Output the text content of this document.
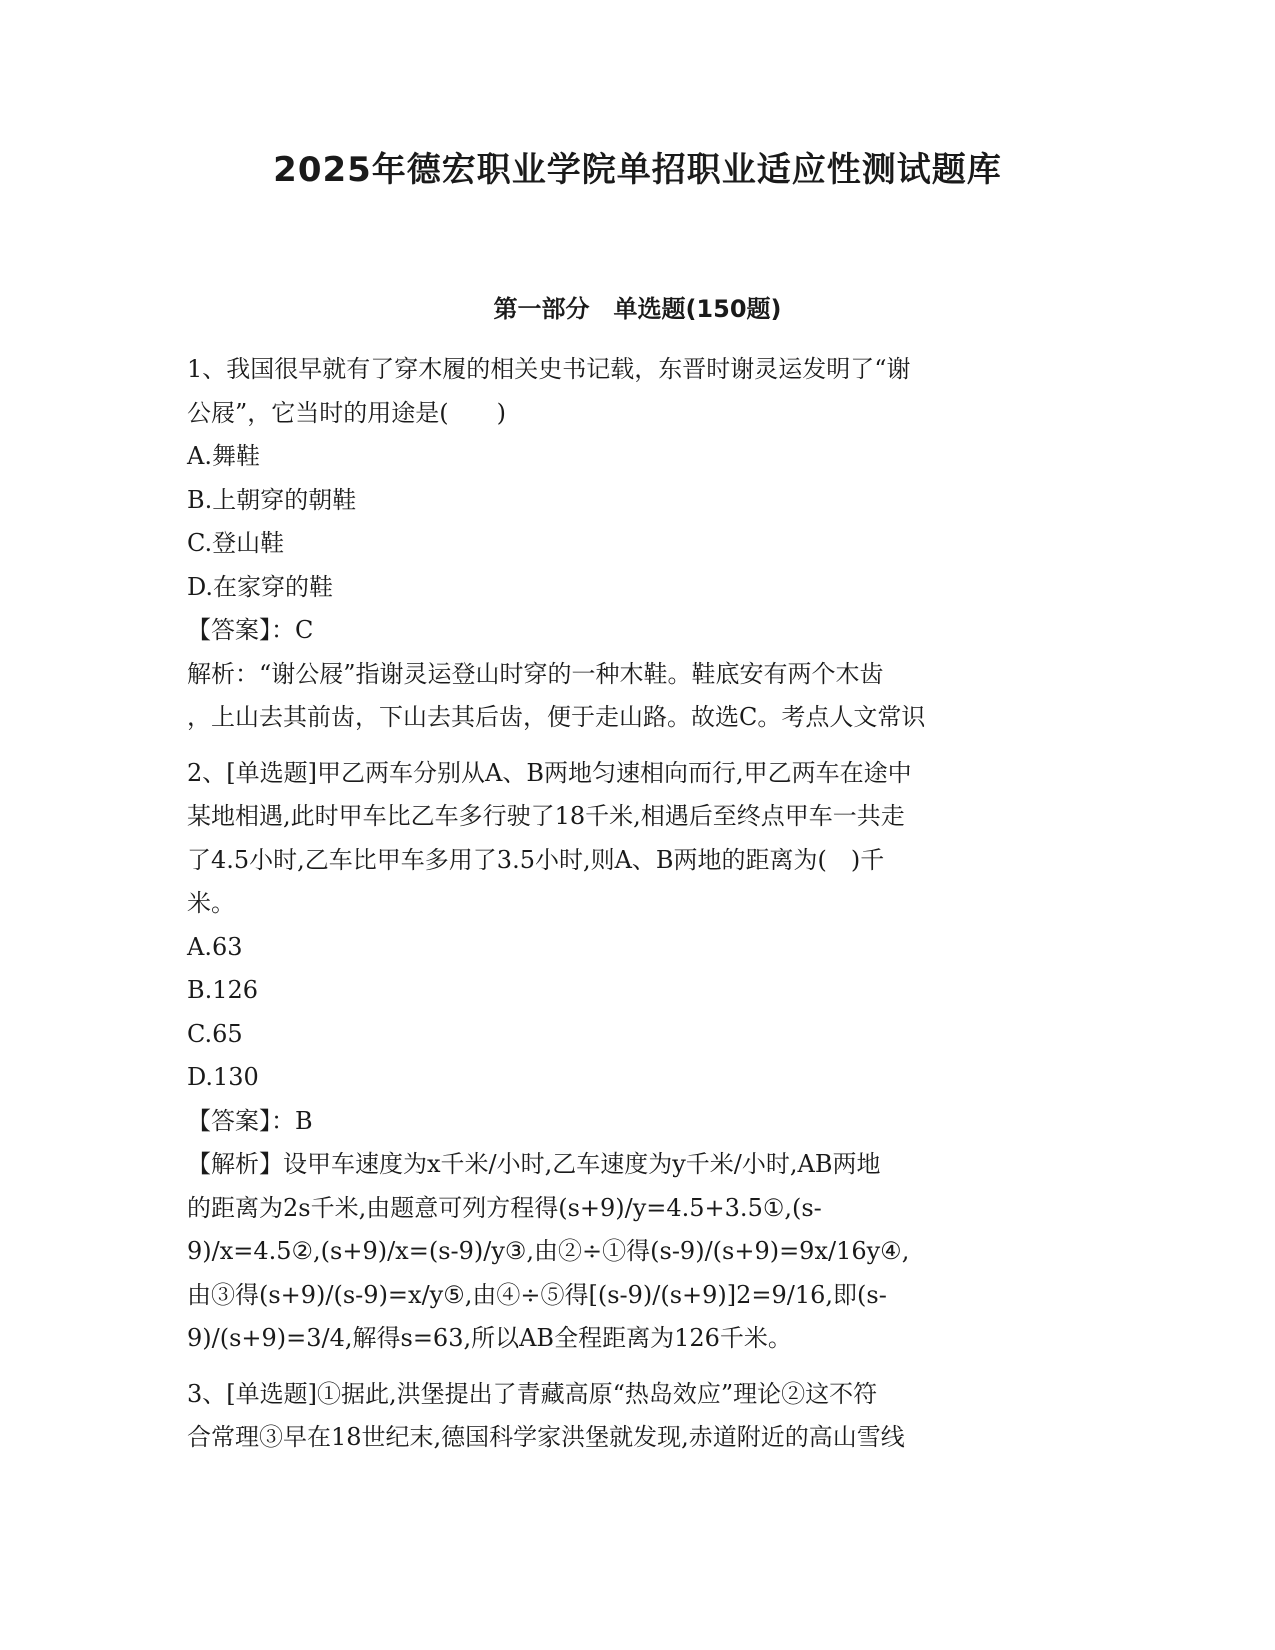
2025年德宏职业学院单招职业适应性测试题库
第一部分　单选题(150题)
1、我国很早就有了穿木履的相关史书记载，东晋时谢灵运发明了“谢
公屐”，它当时的用途是(　　)
A.舞鞋
B.上朝穿的朝鞋
C.登山鞋
D.在家穿的鞋
【答案】：C
解析：“谢公屐”指谢灵运登山时穿的一种木鞋。鞋底安有两个木齿
，上山去其前齿，下山去其后齿，便于走山路。故选C。考点人文常识
2、[单选题]甲乙两车分别从A、B两地匀速相向而行,甲乙两车在途中
某地相遇,此时甲车比乙车多行驶了18千米,相遇后至终点甲车一共走
了4.5小时,乙车比甲车多用了3.5小时,则A、B两地的距离为(　)千
米。
A.63
B.126
C.65
D.130
【答案】：B
【解析】设甲车速度为x千米/小时,乙车速度为y千米/小时,AB两地
的距离为2s千米,由题意可列方程得(s+9)/y=4.5+3.5①,(s-
9)/x=4.5②,(s+9)/x=(s-9)/y③,由②÷①得(s-9)/(s+9)=9x/16y④,
由③得(s+9)/(s-9)=x/y⑤,由④÷⑤得[(s-9)/(s+9)]2=9/16,即(s-
9)/(s+9)=3/4,解得s=63,所以AB全程距离为126千米。
3、[单选题]①据此,洪堡提出了青藏高原“热岛效应”理论②这不符
合常理③早在18世纪末,德国科学家洪堡就发现,赤道附近的高山雪线
